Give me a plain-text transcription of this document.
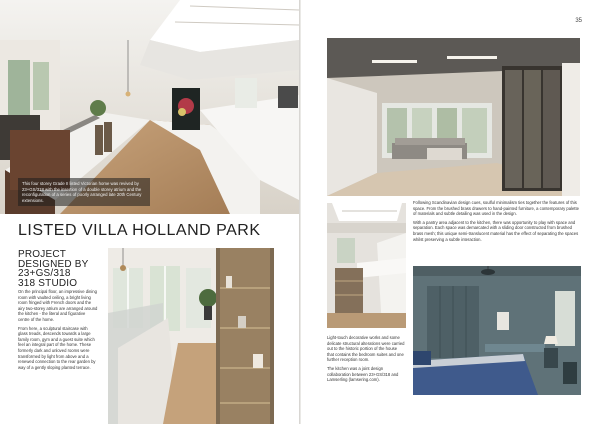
This four storey Grade II listed Victorian home was revived by 23+GS/318 with the insertion of a double storey atrium and the reconfiguration of a series of poorly arranged late 20th Century extensions.
LISTED VILLA HOLLAND PARK
PROJECT
DESIGNED BY
23+GS/318
318 STUDIO

On the principal floor, an impressive dining room with vaulted ceiling, a bright living room fringed with French doors and the airy two-storey atrium are arranged around the kitchen - the literal and figurative centre of the home.

From here, a sculptural staircase with glass treads, descends towards a large family room, gym and a guest suite which feel an integral part of the home. These formerly dark and unloved rooms were transformed by light from above and a renewed connection to the rear garden by way of a gently sloping planted terrace.

35

Following Scandinavian design cues, soulful minimalism ties together the features of this space. From the brushed brass drawers to hand-painted furniture, a contemporary palette of materials and subtle detailing was used in the design.

With a pantry area adjacent to the kitchen, there was opportunity to play with space and separation. Each space was demarcated with a sliding door constructed from brushed brass mesh; this unique semi-translucent material has the effect of separating the spaces whilst preserving a subtle interaction.

Light-touch decorative works and some delicate structural alterations were carried out to the historic portion of the house that contains the bedroom suites and one further reception room.

The kitchen was a joint design collaboration between 23+GS/318 and Lamserling (lamsering.com).
